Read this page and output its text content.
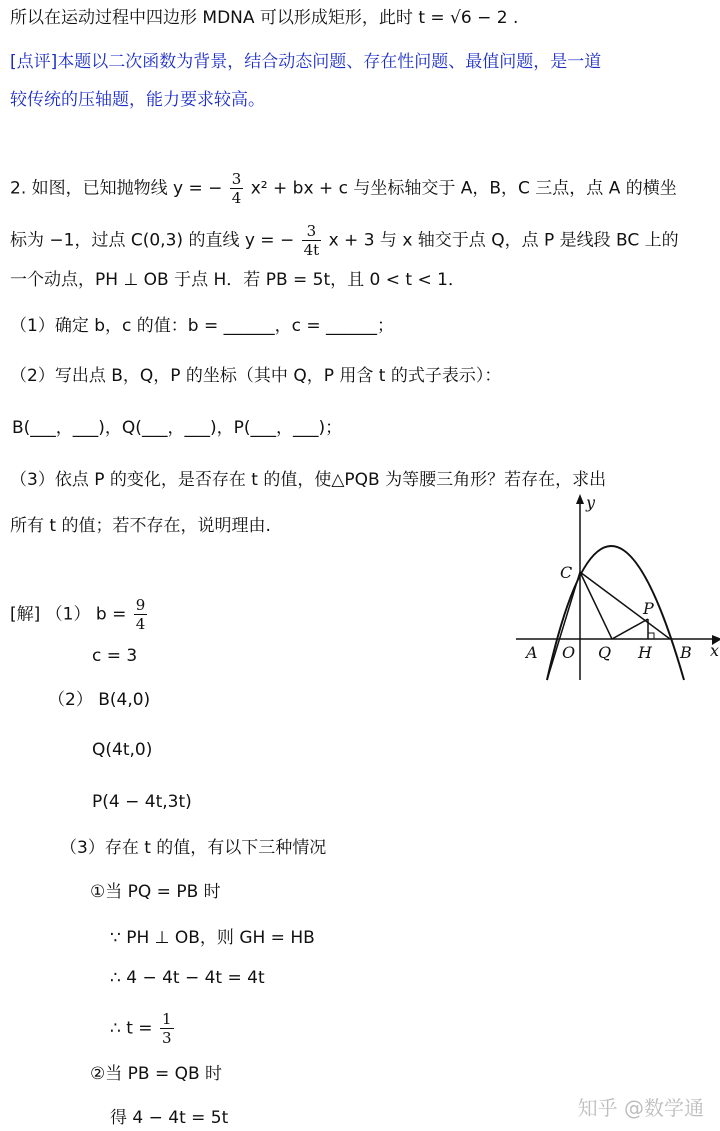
所以在运动过程中四边形 MDNA 可以形成矩形，此时 t = √6 − 2 .
[点评]本题以二次函数为背景，结合动态问题、存在性问题、最值问题，是一道
较传统的压轴题，能力要求较高。
2. 如图，已知抛物线 y = − $\frac{3}{4} x^2$ + bx + c 与坐标轴交于 A，B，C 三点，点 A 的横坐
标为 −1，过点 C(0,3) 的直线 y = − $\frac{3}{4t}$ x + 3 与 x 轴交于点 Q，点 P 是线段 BC 上的
一个动点，PH ⊥ OB 于点 H．若 PB = 5t，且 0 < t < 1．
（1）确定 b，c 的值：b = ______，c = ______；
（2）写出点 B，Q，P 的坐标（其中 Q，P 用含 t 的式子表示）：
B(___，___)，Q(___，___)，P(___，___)；
（3）依点 P 的变化，是否存在 t 的值，使△PQB 为等腰三角形？若存在，求出
所有 t 的值；若不存在，说明理由.
y
x
C
P
A O Q H B
[解] （1） $b = \frac{9}{4}$
c = 3
（2） B(4,0)
Q(4t,0)
P(4 − 4t,3t)
（3）存在 t 的值，有以下三种情况
①当 PQ = PB 时
∵ PH ⊥ OB，则 GH = HB
∴ 4 − 4t − 4t = 4t
∴ $t = \frac{1}{3}$
②当 PB = QB 时
得 4 − 4t = 5t	知乎 @数学通
